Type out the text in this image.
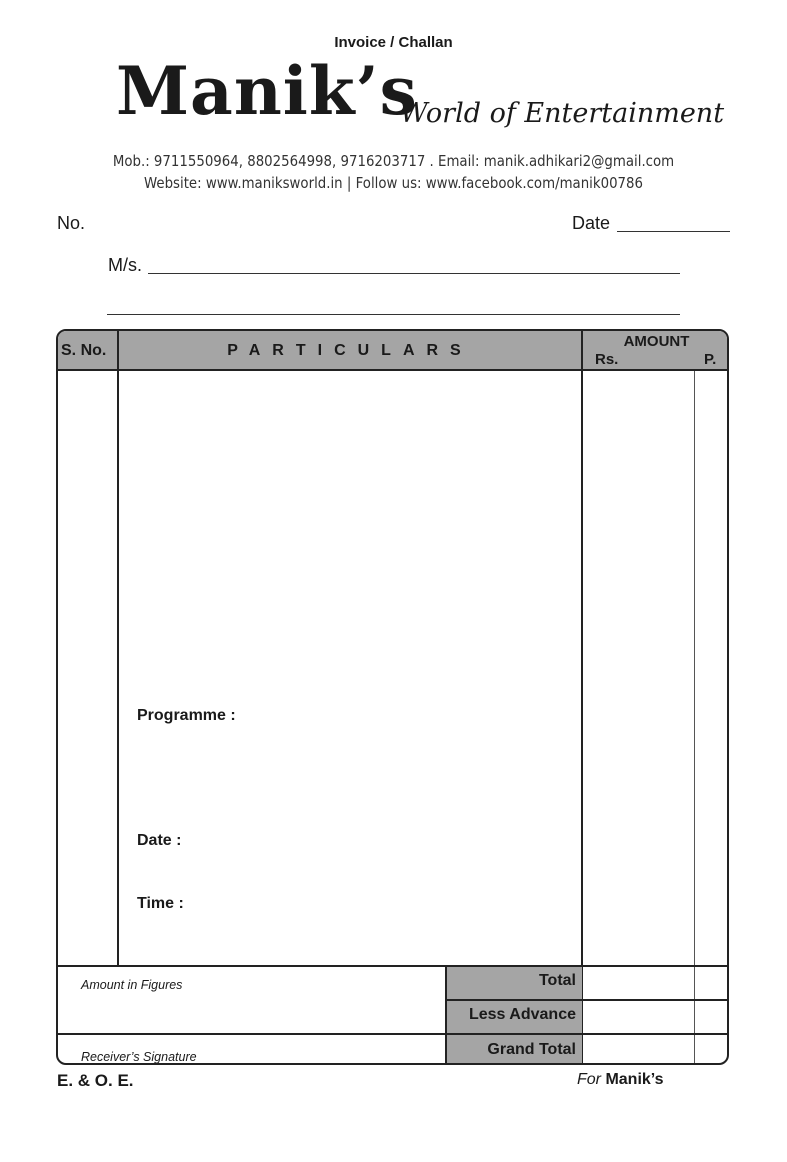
Invoice / Challan
Manik’s
World of Entertainment
Mob.: 9711550964, 8802564998, 9716203717 . Email: manik.adhikari2@gmail.com
Website: www.maniksworld.in | Follow us: www.facebook.com/manik00786
No.	Date
M/s.
S. No.	PARTICULARS
AMOUNT
Rs.	P.
Programme :
Date :
Time :
Total
Less Advance
Grand Total
Amount in Figures
Receiver’s Signature
E. & O. E.	For Manik’s
